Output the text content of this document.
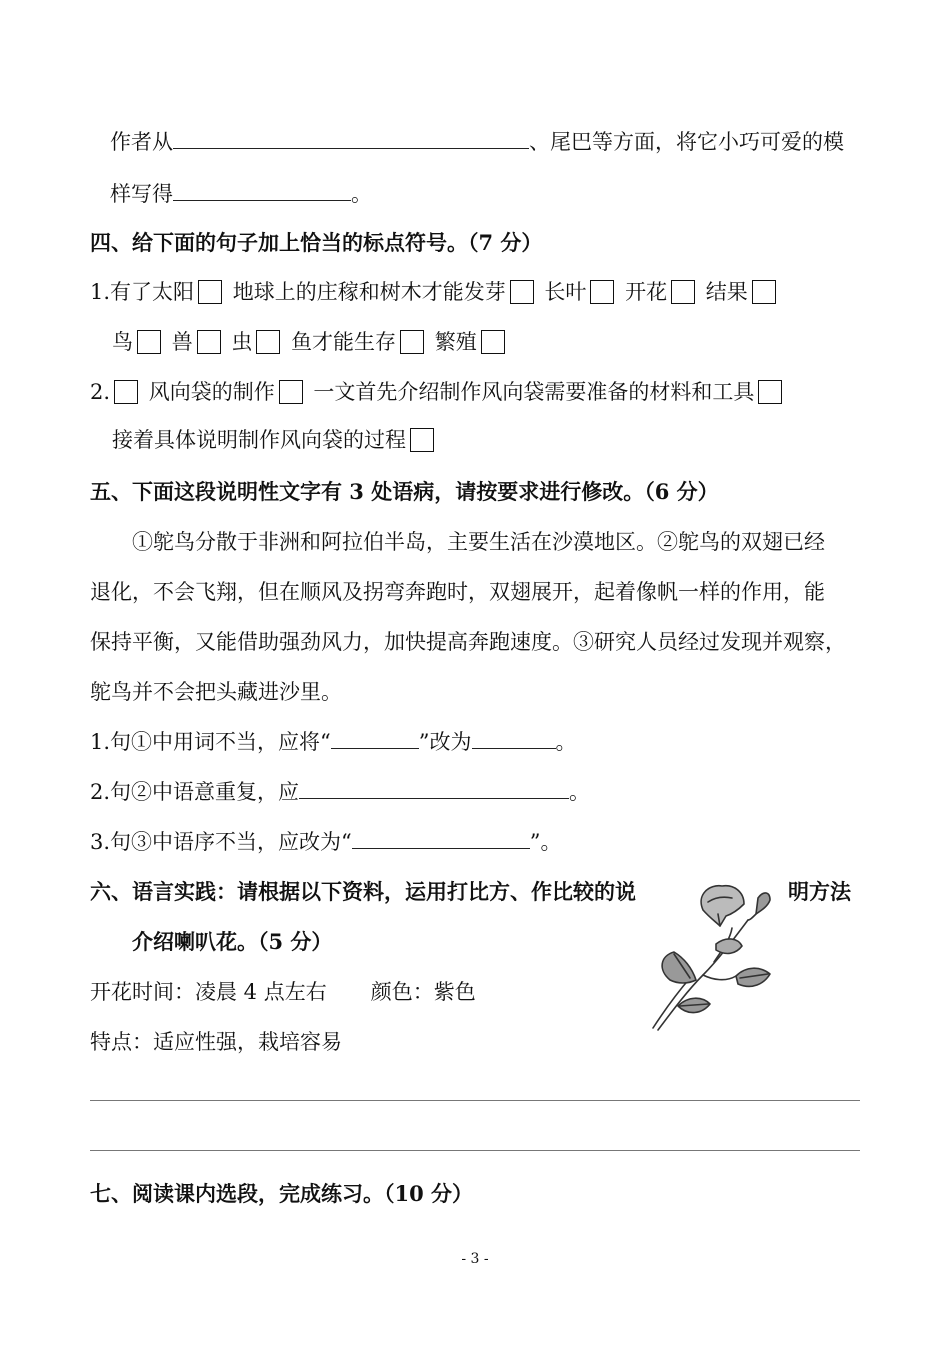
作者从	、尾巴等方面，将它小巧可爱的模
样写得	。
四、给下面的句子加上恰当的标点符号。（7 分）
1.有了太阳 地球上的庄稼和树木才能发芽 长叶 开花 结果
鸟 兽 虫 鱼才能生存 繁殖
2. 风向袋的制作 一文首先介绍制作风向袋需要准备的材料和工具
接着具体说明制作风向袋的过程
五、下面这段说明性文字有 3 处语病，请按要求进行修改。（6 分）
①鸵鸟分散于非洲和阿拉伯半岛，主要生活在沙漠地区。②鸵鸟的双翅已经
退化，不会飞翔，但在顺风及拐弯奔跑时，双翅展开，起着像帆一样的作用，能
保持平衡，又能借助强劲风力，加快提高奔跑速度。③研究人员经过发现并观察，
鸵鸟并不会把头藏进沙里。
1.句①中用词不当，应将“	”改为	。
2.句②中语意重复，应	。
3.句③中语序不当，应改为“	”。
六、语言实践：请根据以下资料，运用打比方、作比较的说	明方法
介绍喇叭花。（5 分）
开花时间：凌晨 4 点左右 颜色：紫色
特点：适应性强，栽培容易
七、阅读课内选段，完成练习。（10 分）
- 3 -
